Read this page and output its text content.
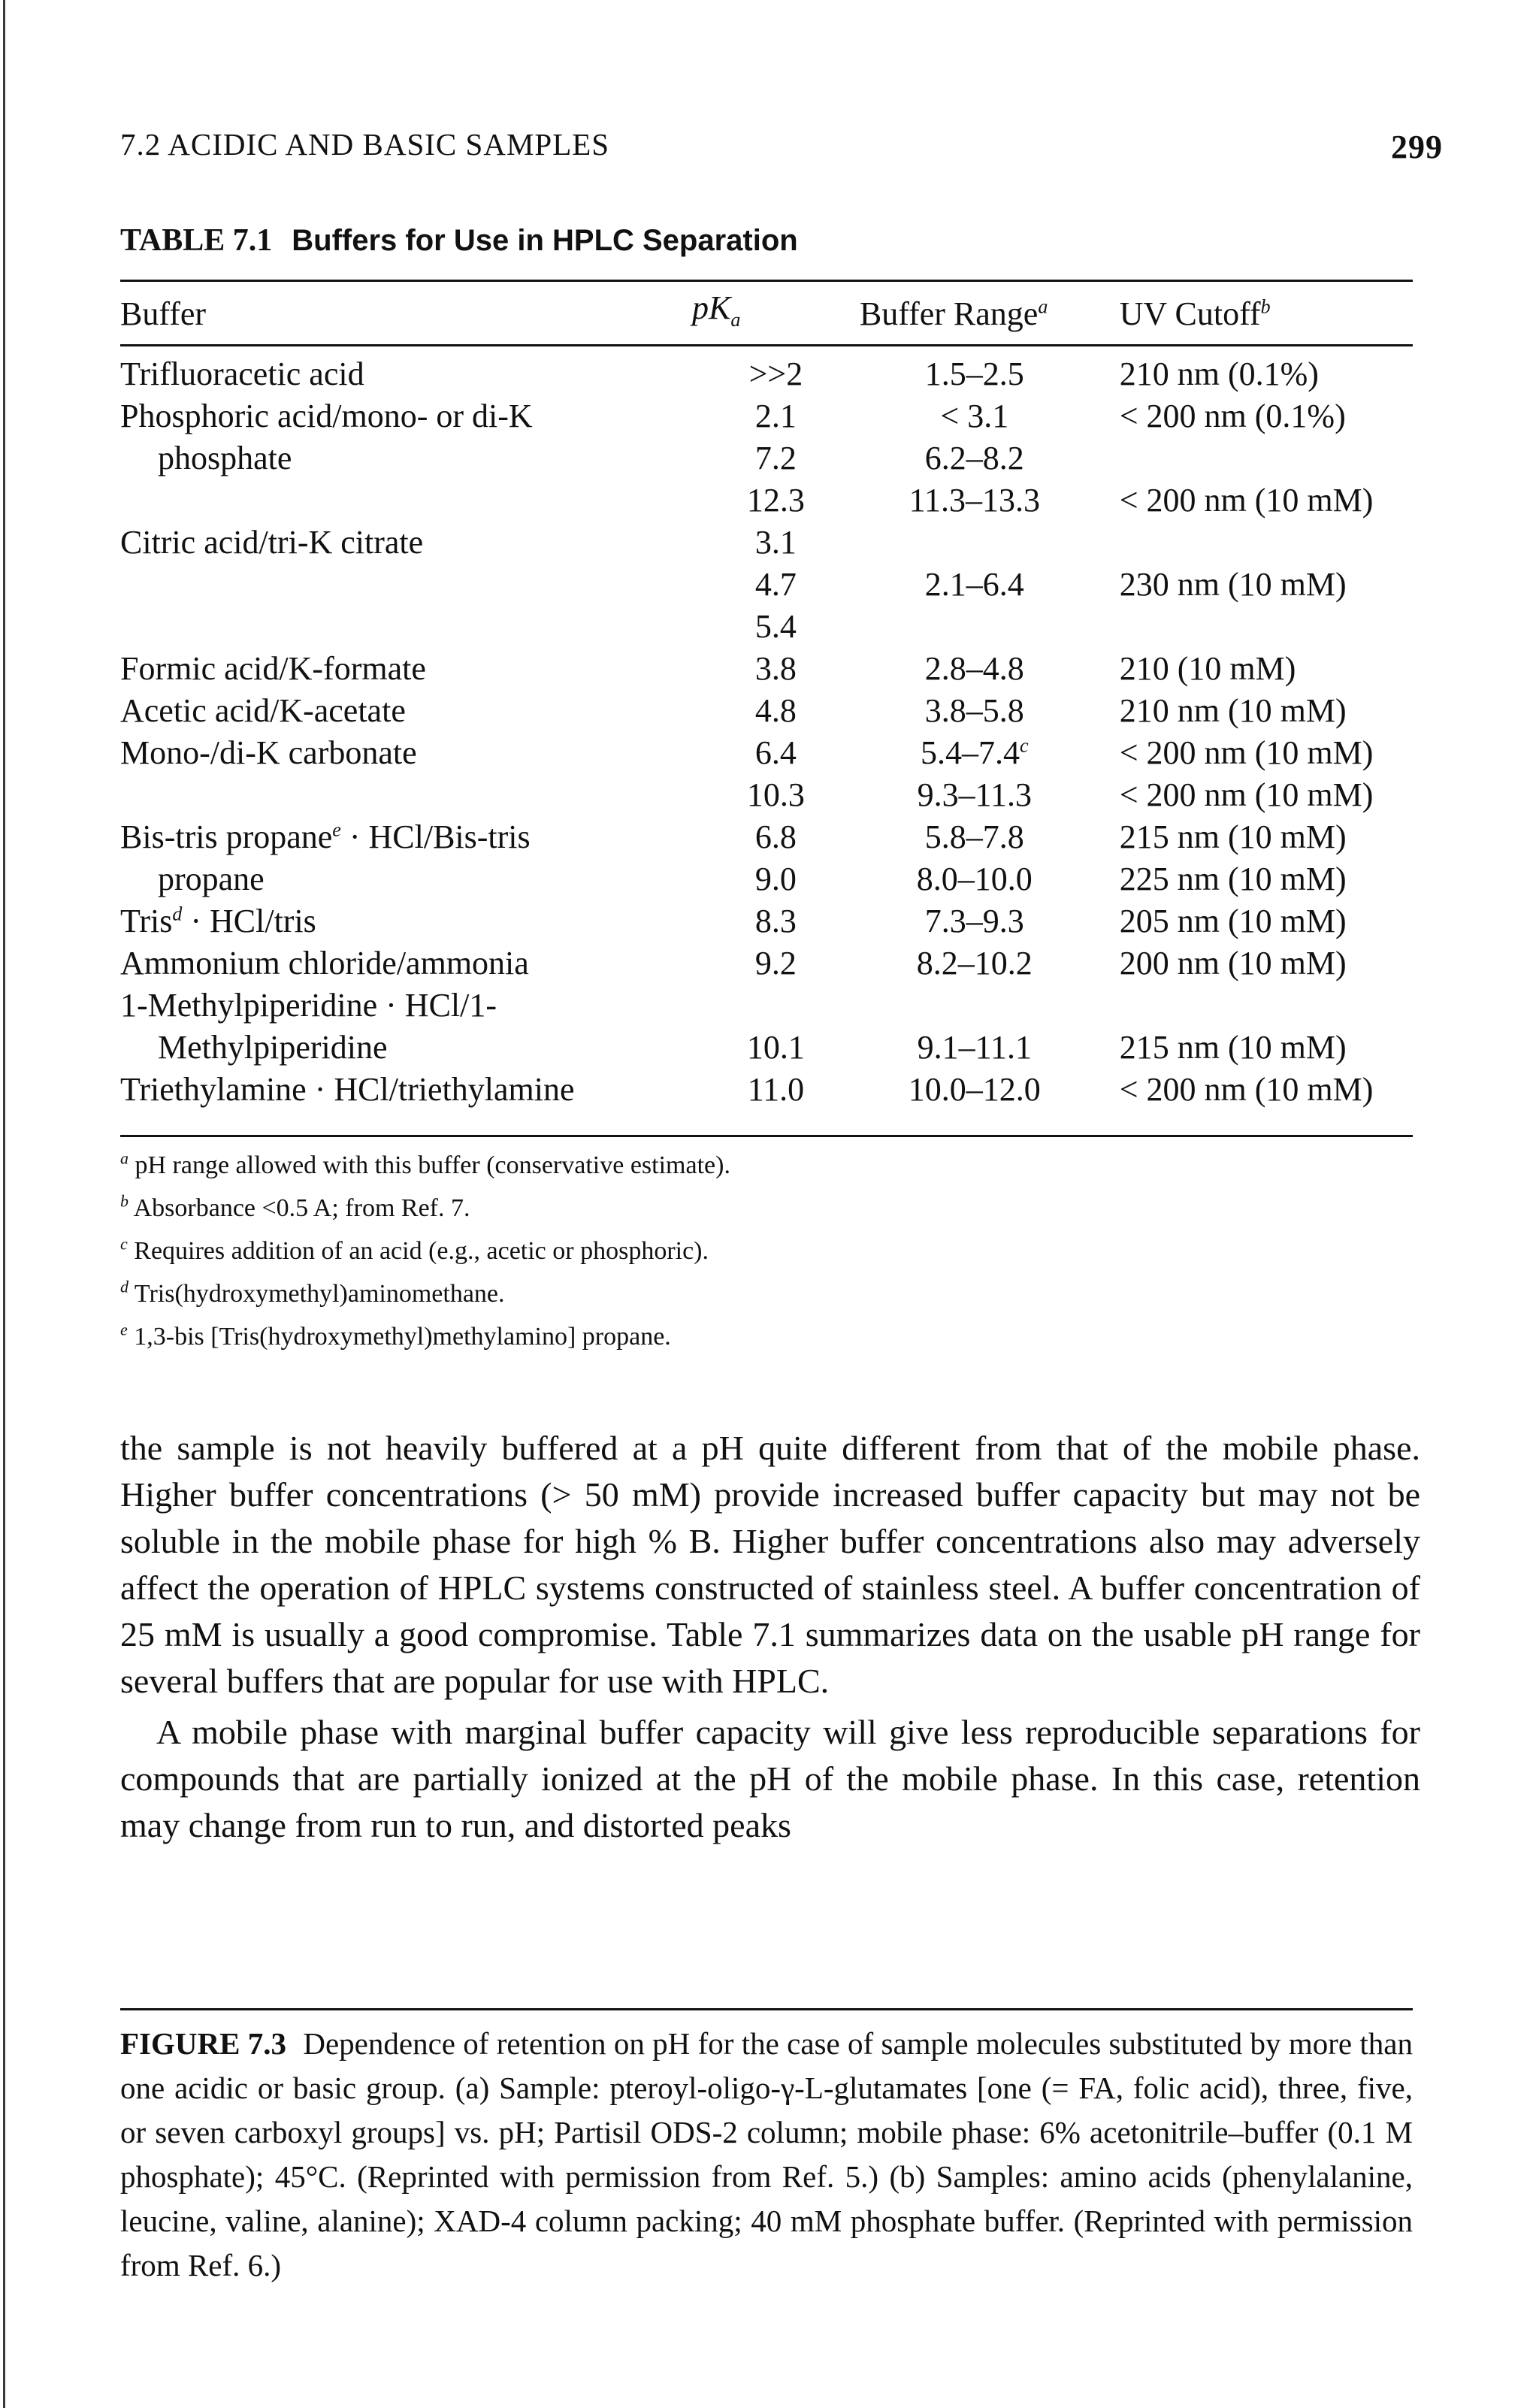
7.2 ACIDIC AND BASIC SAMPLES	299
TABLE 7.1 Buffers for Use in HPLC Separation
Buffer	$pK_a$	Buffer Range$^a$	UV Cutoff$^b$
Trifluoracetic acid	>>2	1.5–2.5	210 nm (0.1%)
Phosphoric acid/mono- or di-K	2.1	< 3.1	< 200 nm (0.1%)
phosphate	7.2	6.2–8.2	
	12.3	11.3–13.3	< 200 nm (10 mM)
Citric acid/tri-K citrate	3.1		
	4.7	2.1–6.4	230 nm (10 mM)
	5.4		
Formic acid/K-formate	3.8	2.8–4.8	210 (10 mM)
Acetic acid/K-acetate	4.8	3.8–5.8	210 nm (10 mM)
Mono-/di-K carbonate	6.4	5.4–7.4$^c$	< 200 nm (10 mM)
	10.3	9.3–11.3	< 200 nm (10 mM)
Bis-tris propane$^e$ · HCl/Bis-tris	6.8	5.8–7.8	215 nm (10 mM)
propane	9.0	8.0–10.0	225 nm (10 mM)
Tris$^d$ · HCl/tris	8.3	7.3–9.3	205 nm (10 mM)
Ammonium chloride/ammonia	9.2	8.2–10.2	200 nm (10 mM)
1-Methylpiperidine · HCl/1-			
Methylpiperidine	10.1	9.1–11.1	215 nm (10 mM)
Triethylamine · HCl/triethylamine	11.0	10.0–12.0	< 200 nm (10 mM)
$^a$ pH range allowed with this buffer (conservative estimate).
$^b$ Absorbance <0.5 A; from Ref. 7.
$^c$ Requires addition of an acid (e.g., acetic or phosphoric).
$^d$ Tris(hydroxymethyl)aminomethane.
$^e$ 1,3-bis [Tris(hydroxymethyl)methylamino] propane.

the sample is not heavily buffered at a pH quite different from that of the mobile phase. Higher buffer concentrations (> 50 mM) provide increased buffer capacity but may not be soluble in the mobile phase for high % B. Higher buffer concentrations also may adversely affect the operation of HPLC systems constructed of stainless steel. A buffer concentration of 25 mM is usually a good compromise. Table 7.1 summarizes data on the usable pH range for several buffers that are popular for use with HPLC.

A mobile phase with marginal buffer capacity will give less reproducible separations for compounds that are partially ionized at the pH of the mobile phase. In this case, retention may change from run to run, and distorted peaks

FIGURE 7.3 Dependence of retention on pH for the case of sample molecules substituted by more than one acidic or basic group. (a) Sample: pteroyl-oligo-γ-L-glutamates [one (= FA, folic acid), three, five, or seven carboxyl groups] vs. pH; Partisil ODS-2 column; mobile phase: 6% acetonitrile–buffer (0.1 M phosphate); 45°C. (Reprinted with permission from Ref. 5.) (b) Samples: amino acids (phenylalanine, leucine, valine, alanine); XAD-4 column packing; 40 mM phosphate buffer. (Reprinted with permission from Ref. 6.)
